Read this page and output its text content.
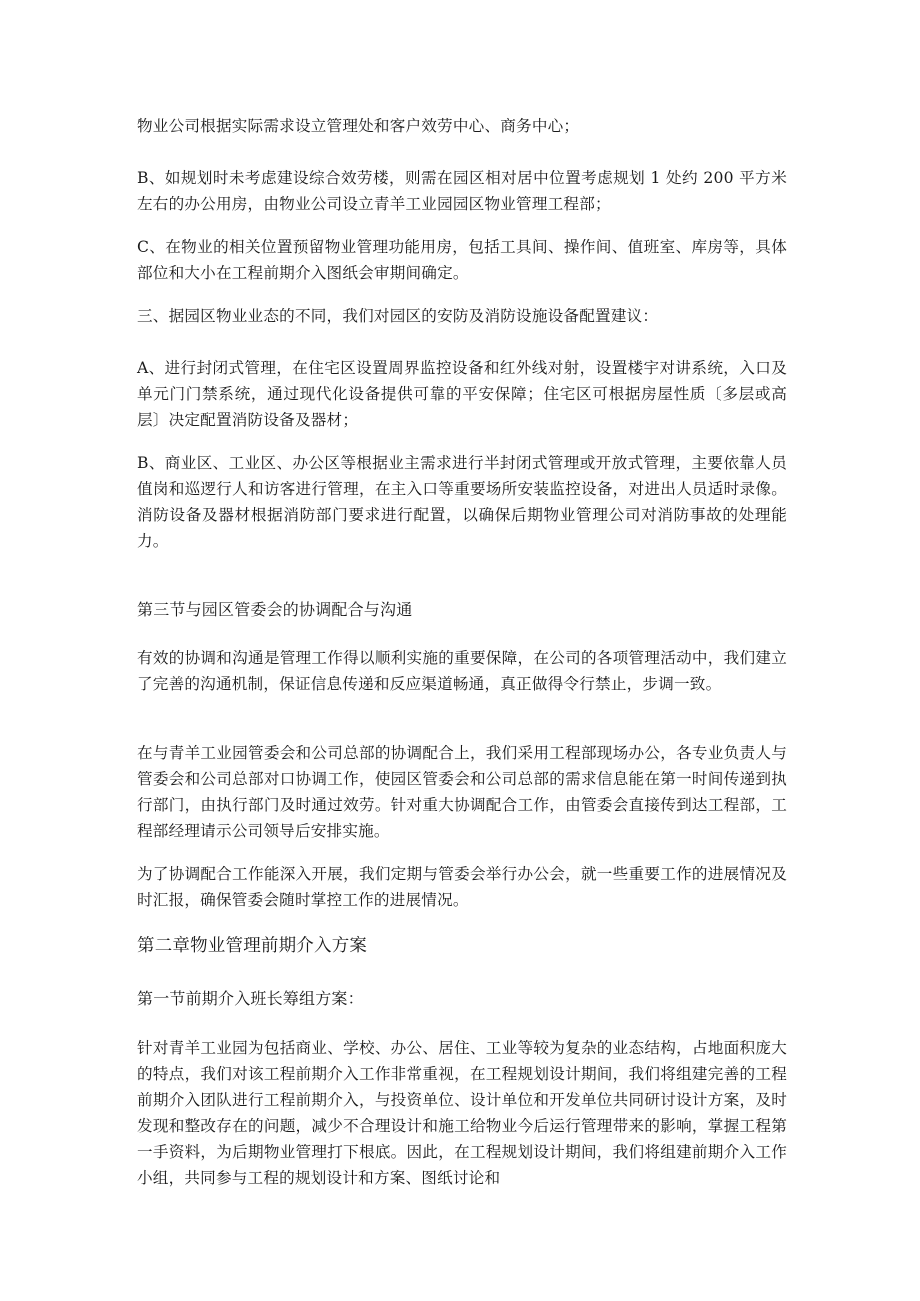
物业公司根据实际需求设立管理处和客户效劳中心、商务中心；

B、如规划时未考虑建设综合效劳楼，则需在园区相对居中位置考虑规划 1 处约 200 平方米左右的办公用房，由物业公司设立青羊工业园园区物业管理工程部；

C、在物业的相关位置预留物业管理功能用房，包括工具间、操作间、值班室、库房等，具体部位和大小在工程前期介入图纸会审期间确定。

三、据园区物业业态的不同，我们对园区的安防及消防设施设备配置建议：

A、进行封闭式管理，在住宅区设置周界监控设备和红外线对射，设置楼宇对讲系统，入口及单元门门禁系统，通过现代化设备提供可靠的平安保障；住宅区可根据房屋性质〔多层或高层〕决定配置消防设备及器材；

B、商业区、工业区、办公区等根据业主需求进行半封闭式管理或开放式管理，主要依靠人员值岗和巡逻行人和访客进行管理，在主入口等重要场所安装监控设备，对进出人员适时录像。消防设备及器材根据消防部门要求进行配置，以确保后期物业管理公司对消防事故的处理能力。

第三节与园区管委会的协调配合与沟通

有效的协调和沟通是管理工作得以顺利实施的重要保障，在公司的各项管理活动中，我们建立了完善的沟通机制，保证信息传递和反应渠道畅通，真正做得令行禁止，步调一致。

在与青羊工业园管委会和公司总部的协调配合上，我们采用工程部现场办公，各专业负责人与管委会和公司总部对口协调工作，使园区管委会和公司总部的需求信息能在第一时间传递到执行部门，由执行部门及时通过效劳。针对重大协调配合工作，由管委会直接传到达工程部，工程部经理请示公司领导后安排实施。

为了协调配合工作能深入开展，我们定期与管委会举行办公会，就一些重要工作的进展情况及时汇报，确保管委会随时掌控工作的进展情况。

第二章物业管理前期介入方案

第一节前期介入班长筹组方案：

针对青羊工业园为包括商业、学校、办公、居住、工业等较为复杂的业态结构，占地面积庞大的特点，我们对该工程前期介入工作非常重视，在工程规划设计期间，我们将组建完善的工程前期介入团队进行工程前期介入，与投资单位、设计单位和开发单位共同研讨设计方案，及时发现和整改存在的问题，减少不合理设计和施工给物业今后运行管理带来的影响，掌握工程第一手资料，为后期物业管理打下根底。因此，在工程规划设计期间，我们将组建前期介入工作小组，共同参与工程的规划设计和方案、图纸讨论和
